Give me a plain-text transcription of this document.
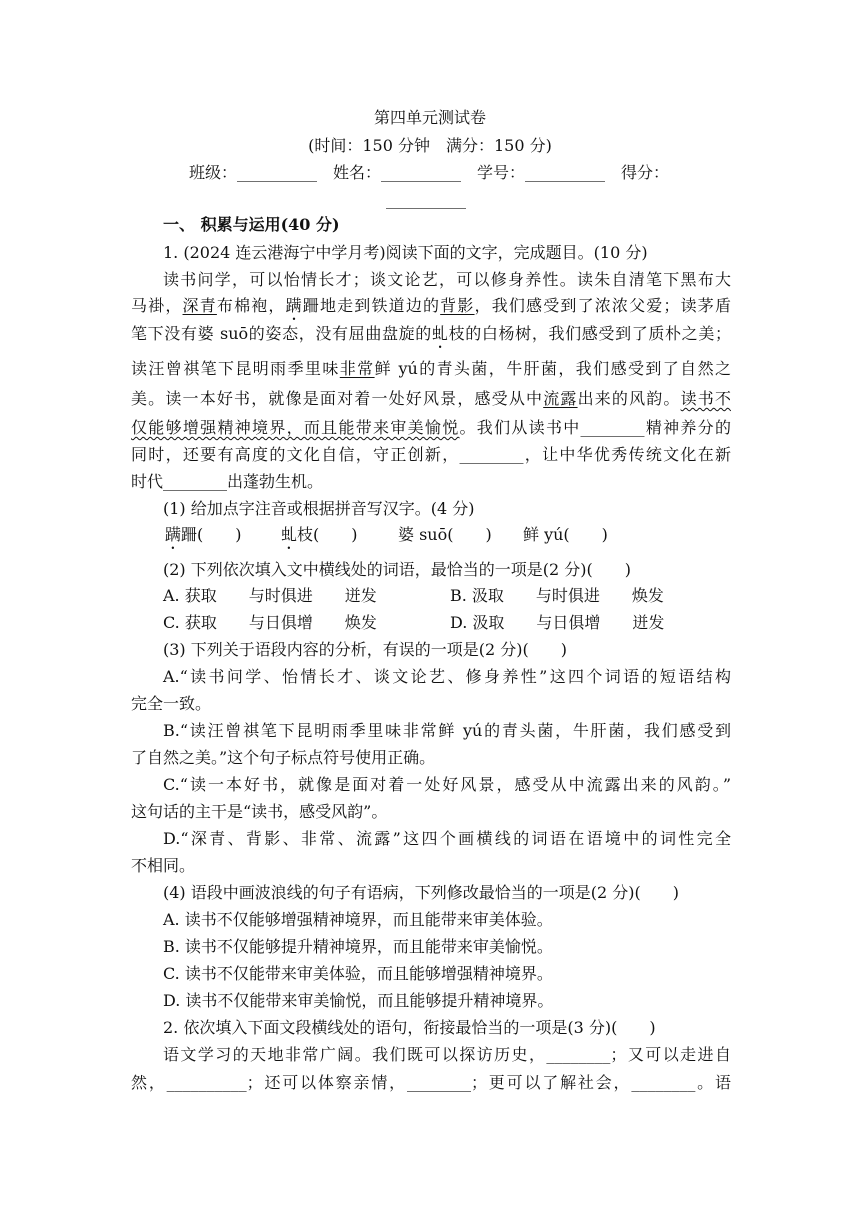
第四单元测试卷
(时间：150 分钟　满分：150 分)
班级：__________　姓名：__________　学号：__________　得分：
__________
一、 积累与运用(40 分)
1. (2024 连云港海宁中学月考)阅读下面的文字，完成题目。(10 分)
读书问学，可以怡情长才；谈文论艺，可以修身养性。读朱自清笔下黑布大
马褂，深青布棉袍，蹒跚地走到铁道边的背影，我们感受到了浓浓父爱；读茅盾
笔下没有婆 suō的姿态，没有屈曲盘旋的虬枝的白杨树，我们感受到了质朴之美；
读汪曾祺笔下昆明雨季里味非常鲜 yú的青头菌，牛肝菌，我们感受到了自然之
美。读一本好书，就像是面对着一处好风景，感受从中流露出来的风韵。读书不
仅能够增强精神境界，而且能带来审美愉悦。我们从读书中________精神养分的
同时，还要有高度的文化自信，守正创新，________，让中华优秀传统文化在新
时代________出蓬勃生机。
(1) 给加点字注音或根据拼音写汉字。(4 分)
蹒跚(　　) 虬枝(　　)	婆 suō(　　) 鲜 yú(　　)
(2) 下列依次填入文中横线处的词语，最恰当的一项是(2 分)(　　)
A. 获取　　与时俱进　　迸发	B. 汲取　　与时俱进　　焕发
C. 获取　　与日俱增　　焕发	D. 汲取　　与日俱增　　迸发
(3) 下列关于语段内容的分析，有误的一项是(2 分)(　　)
A.“读书问学、怡情长才、谈文论艺、修身养性”这四个词语的短语结构
完全一致。
B.“读汪曾祺笔下昆明雨季里味非常鲜 yú的青头菌，牛肝菌，我们感受到
了自然之美。”这个句子标点符号使用正确。
C.“读一本好书，就像是面对着一处好风景，感受从中流露出来的风韵。”
这句话的主干是“读书，感受风韵”。
D.“深青、背影、非常、流露”这四个画横线的词语在语境中的词性完全
不相同。
(4) 语段中画波浪线的句子有语病，下列修改最恰当的一项是(2 分)(　　)
A. 读书不仅能够增强精神境界，而且能带来审美体验。
B. 读书不仅能够提升精神境界，而且能带来审美愉悦。
C. 读书不仅能带来审美体验，而且能够增强精神境界。
D. 读书不仅能带来审美愉悦，而且能够提升精神境界。
2. 依次填入下面文段横线处的语句，衔接最恰当的一项是(3 分)(　　)
语文学习的天地非常广阔。我们既可以探访历史，________；又可以走进自
然，__________；还可以体察亲情，________；更可以了解社会，________。语
